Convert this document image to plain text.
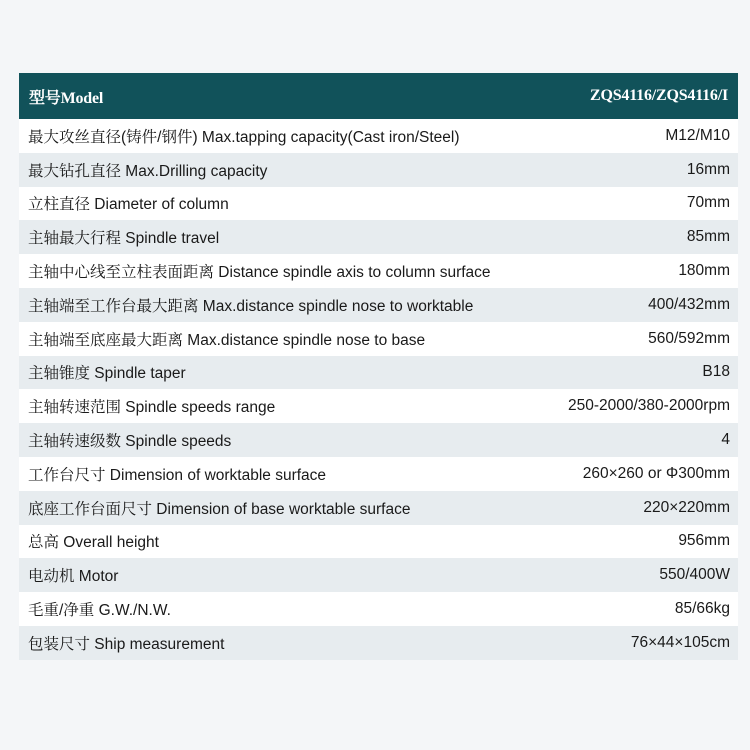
型号Model	ZQS4116/ZQS4116/I
最大攻丝直径(铸件/钢件) Max.tapping capacity(Cast iron/Steel)	M12/M10
最大钻孔直径 Max.Drilling capacity	16mm
立柱直径 Diameter of column	70mm
主轴最大行程 Spindle travel	85mm
主轴中心线至立柱表面距离 Distance spindle axis to column surface	180mm
主轴端至工作台最大距离 Max.distance spindle nose to worktable	400/432mm
主轴端至底座最大距离 Max.distance spindle nose to base	560/592mm
主轴锥度 Spindle taper	B18
主轴转速范围 Spindle speeds range	250-2000/380-2000rpm
主轴转速级数 Spindle speeds	4
工作台尺寸 Dimension of worktable surface	260×260 or Φ300mm
底座工作台面尺寸 Dimension of base worktable surface	220×220mm
总高 Overall height	956mm
电动机 Motor	550/400W
毛重/净重 G.W./N.W.	85/66kg
包装尺寸 Ship measurement	76×44×105cm
